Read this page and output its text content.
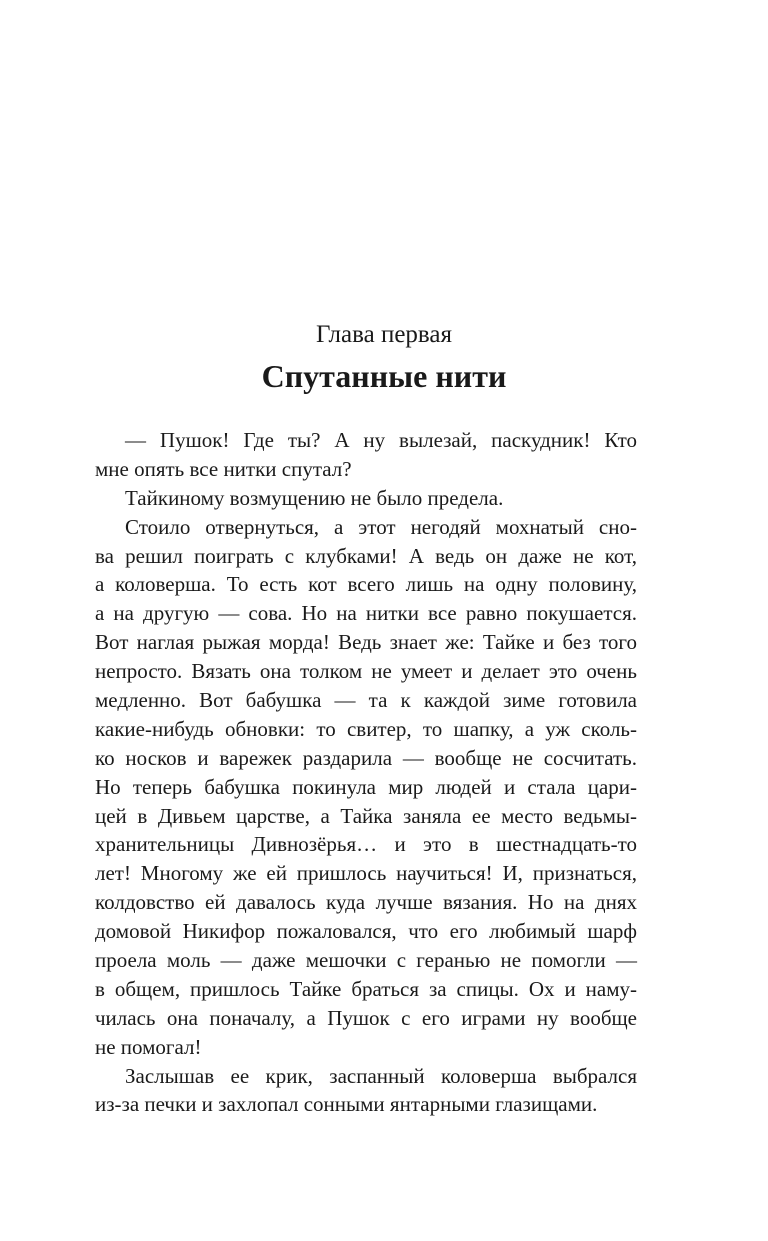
Глава первая
Спутанные нити
— Пушок! Где ты? А ну вылезай, паскудник! Кто
мне опять все нитки спутал?
Тайкиному возмущению не было предела.
Стоило отвернуться, а этот негодяй мохнатый сно-
ва решил поиграть с клубками! А ведь он даже не кот,
а коловерша. То есть кот всего лишь на одну половину,
а на другую — сова. Но на нитки все равно покушается.
Вот наглая рыжая морда! Ведь знает же: Тайке и без того
непросто. Вязать она толком не умеет и делает это очень
медленно. Вот бабушка — та к каждой зиме готовила
какие-нибудь обновки: то свитер, то шапку, а уж сколь-
ко носков и варежек раздарила — вообще не сосчитать.
Но теперь бабушка покинула мир людей и стала цари-
цей в Дивьем царстве, а Тайка заняла ее место ведьмы-
хранительницы Дивнозёрья… и это в шестнадцать-то
лет! Многому же ей пришлось научиться! И, признаться,
колдовство ей давалось куда лучше вязания. Но на днях
домовой Никифор пожаловался, что его любимый шарф
проела моль — даже мешочки с геранью не помогли —
в общем, пришлось Тайке браться за спицы. Ох и наму-
чилась она поначалу, а Пушок с его играми ну вообще
не помогал!
Заслышав ее крик, заспанный коловерша выбрался
из-за печки и захлопал сонными янтарными глазищами.
